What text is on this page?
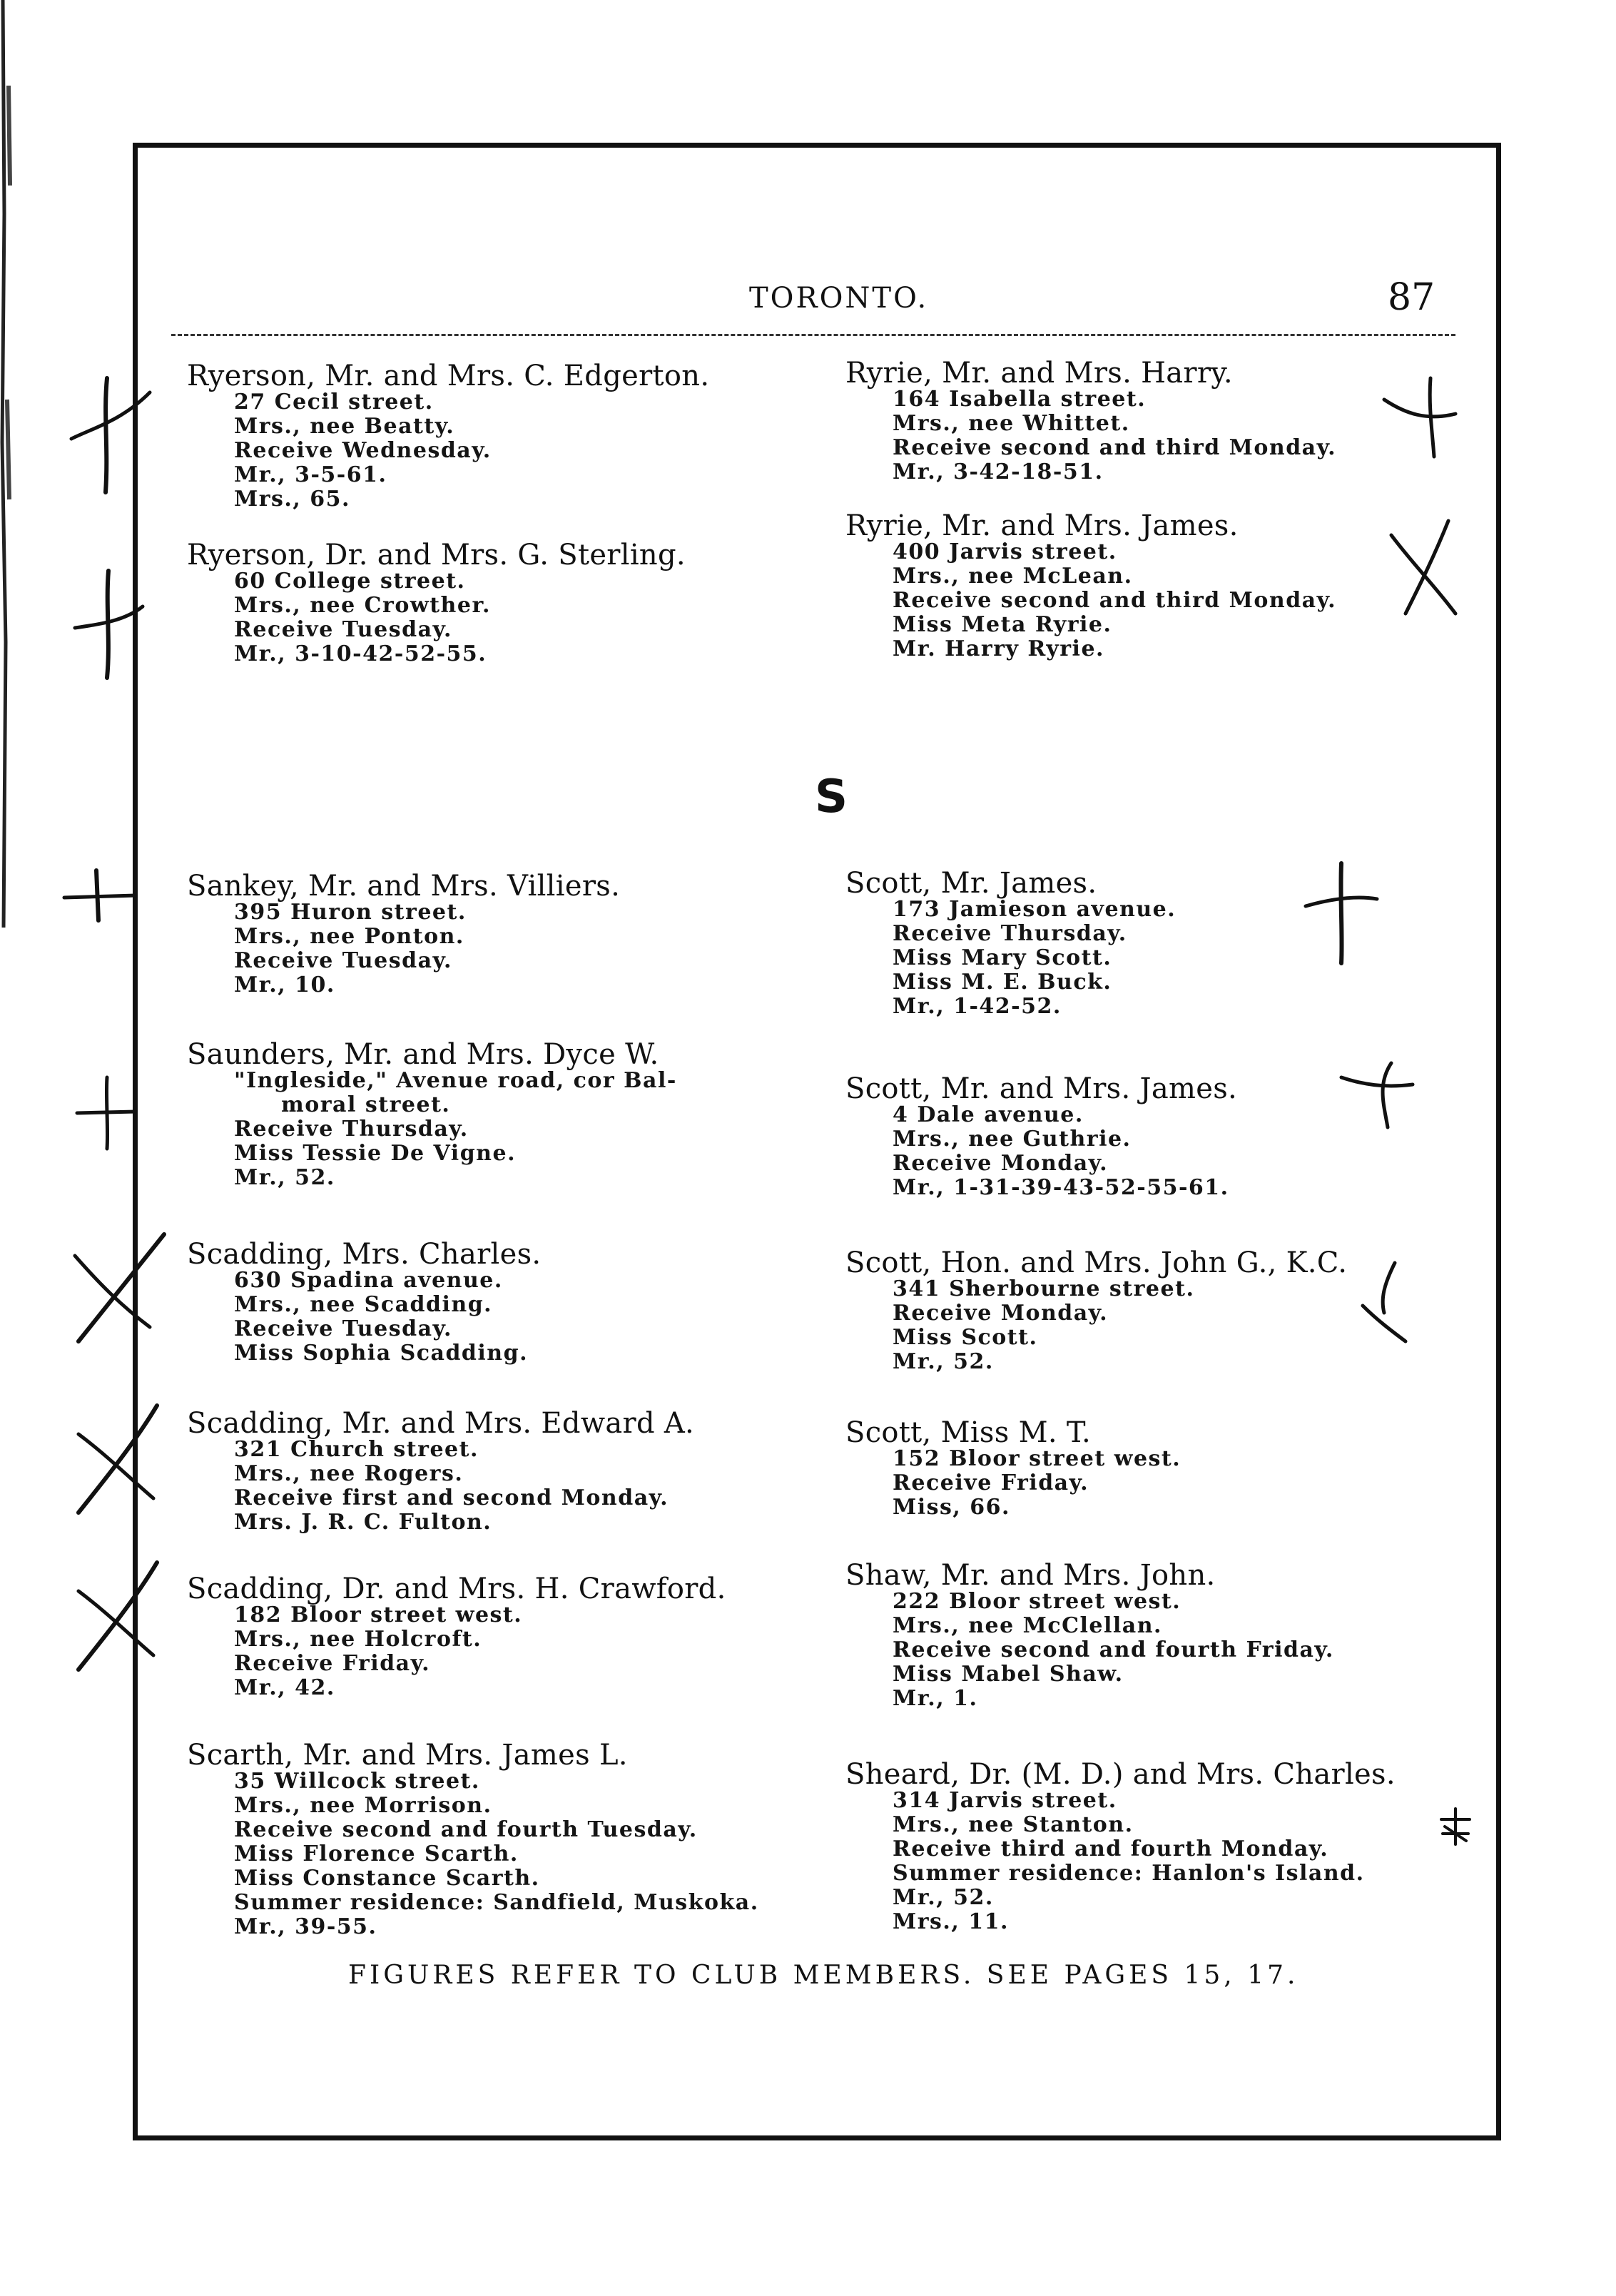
TORONTO.	87
Ryerson, Mr. and Mrs. C. Edgerton.
27 Cecil street.
Mrs., nee Beatty.
Receive Wednesday.
Mr., 3-5-61.
Mrs., 65.
Ryerson, Dr. and Mrs. G. Sterling.
60 College street.
Mrs., nee Crowther.
Receive Tuesday.
Mr., 3-10-42-52-55.
Sankey, Mr. and Mrs. Villiers.
395 Huron street.
Mrs., nee Ponton.
Receive Tuesday.
Mr., 10.
Saunders, Mr. and Mrs. Dyce W.
"Ingleside," Avenue road, cor Bal-
moral street.
Receive Thursday.
Miss Tessie De Vigne.
Mr., 52.
Scadding, Mrs. Charles.
630 Spadina avenue.
Mrs., nee Scadding.
Receive Tuesday.
Miss Sophia Scadding.
Scadding, Mr. and Mrs. Edward A.
321 Church street.
Mrs., nee Rogers.
Receive first and second Monday.
Mrs. J. R. C. Fulton.
Scadding, Dr. and Mrs. H. Crawford.
182 Bloor street west.
Mrs., nee Holcroft.
Receive Friday.
Mr., 42.
Scarth, Mr. and Mrs. James L.
35 Willcock street.
Mrs., nee Morrison.
Receive second and fourth Tuesday.
Miss Florence Scarth.
Miss Constance Scarth.
Summer residence: Sandfield, Muskoka.
Mr., 39-55.
Ryrie, Mr. and Mrs. Harry.
164 Isabella street.
Mrs., nee Whittet.
Receive second and third Monday.
Mr., 3-42-18-51.
Ryrie, Mr. and Mrs. James.
400 Jarvis street.
Mrs., nee McLean.
Receive second and third Monday.
Miss Meta Ryrie.
Mr. Harry Ryrie.
Scott, Mr. James.
173 Jamieson avenue.
Receive Thursday.
Miss Mary Scott.
Miss M. E. Buck.
Mr., 1-42-52.
Scott, Mr. and Mrs. James.
4 Dale avenue.
Mrs., nee Guthrie.
Receive Monday.
Mr., 1-31-39-43-52-55-61.
Scott, Hon. and Mrs. John G., K.C.
341 Sherbourne street.
Receive Monday.
Miss Scott.
Mr., 52.
Scott, Miss M. T.
152 Bloor street west.
Receive Friday.
Miss, 66.
Shaw, Mr. and Mrs. John.
222 Bloor street west.
Mrs., nee McClellan.
Receive second and fourth Friday.
Miss Mabel Shaw.
Mr., 1.
Sheard, Dr. (M. D.) and Mrs. Charles.
314 Jarvis street.
Mrs., nee Stanton.
Receive third and fourth Monday.
Summer residence: Hanlon's Island.
Mr., 52.
Mrs., 11.
S
FIGURES REFER TO CLUB MEMBERS. SEE PAGES 15, 17.
